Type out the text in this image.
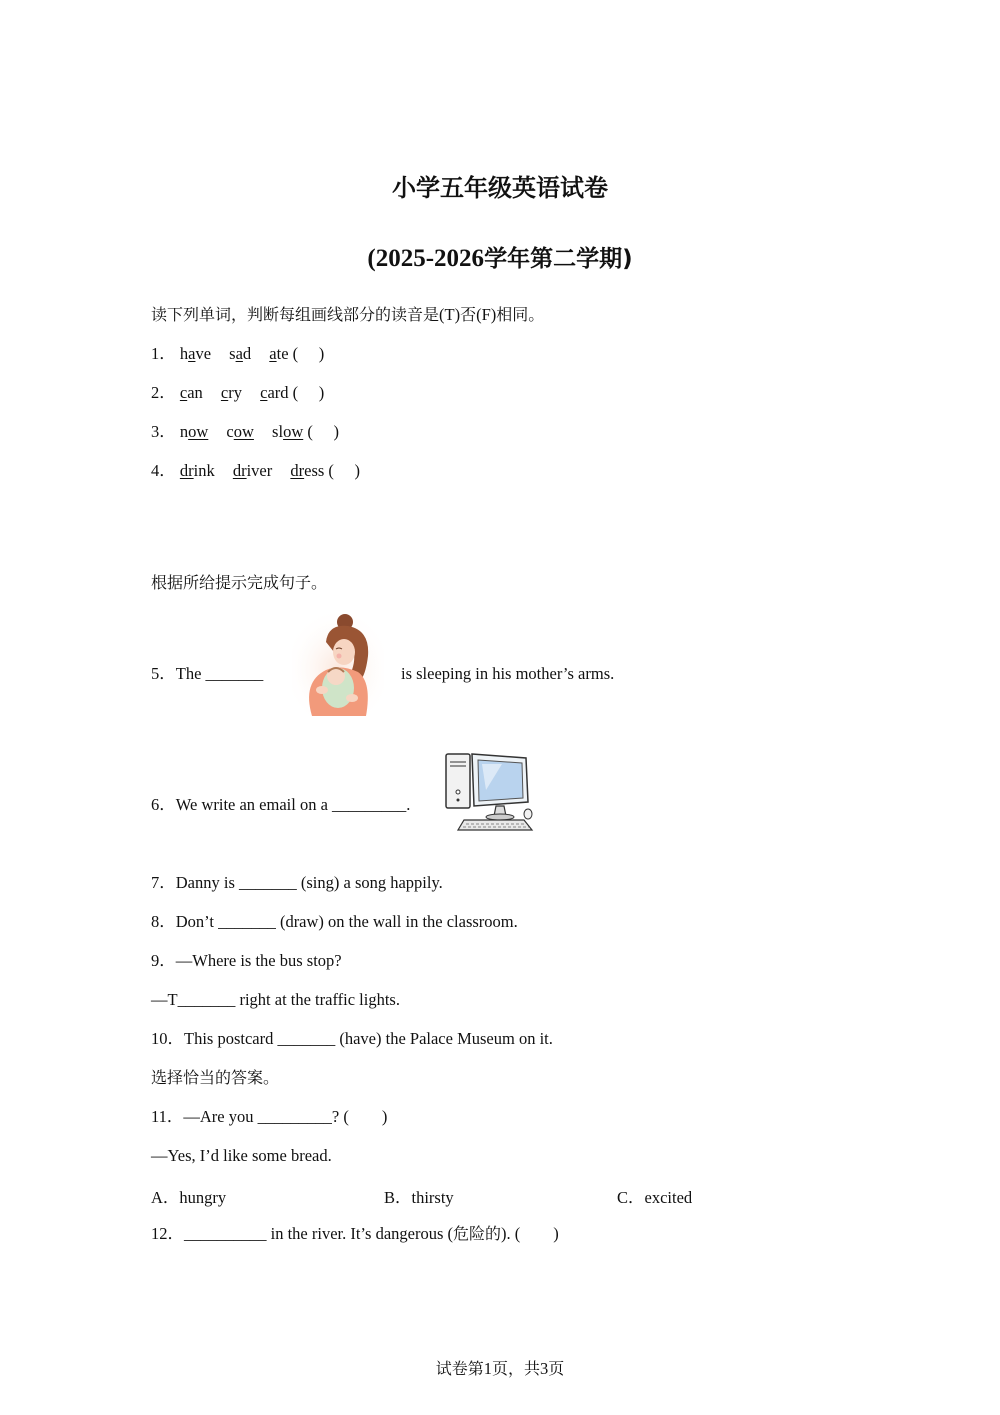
小学五年级英语试卷
(2025-2026学年第二学期)
读下列单词，判断每组画线部分的读音是(T)否(F)相同。
1． have sad ate (　 )
2． can cry card (　 )
3． now cow slow (　 )
4． drink driver dress (　 )
根据所给提示完成句子。
5．The _______	is sleeping in his mother’s arms.
6．We write an email on a _________.
7．Danny is _______ (sing) a song happily.
8．Don’t _______ (draw) on the wall in the classroom.
9．—Where is the bus stop?
—T_______ right at the traffic lights.
10．This postcard _______ (have) the Palace Museum on it.
选择恰当的答案。
11．—Are you _________? (　　)
—Yes, I’d like some bread.
A．hungry	B．thirsty	C．excited
12．__________ in the river. It’s dangerous (危险的). (　　)
试卷第1页，共3页
